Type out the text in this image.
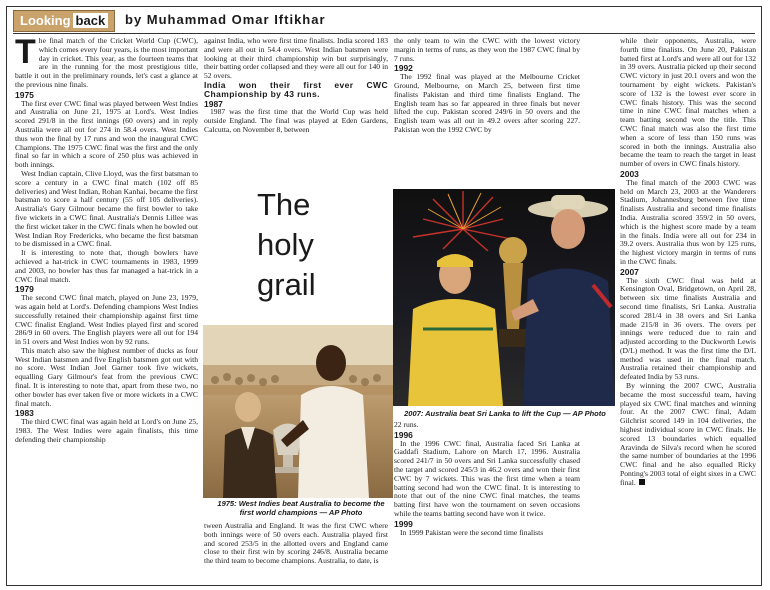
Looking back	by Muhammad Omar Iftikhar

The final match of the Cricket World Cup (CWC), which comes every four years, is the most important day in cricket. This year, as the fourteen teams that are in the running for the most prestigious title, battle it out in the preliminary rounds, let's cast a glance at the previous nine finals.

1975

The first ever CWC final was played between West Indies and Australia on June 21, 1975 at Lord's. West Indies scored 291/8 in the first innings (60 overs) and in reply Australia were all out for 274 in 58.4 overs. West Indies thus won the final by 17 runs and won the inaugural CWC Champions. The 1975 CWC final was the first and the only final so far in which a score of 250 plus was achieved in both innings.

West Indian captain, Clive Lloyd, was the first batsman to score a century in a CWC final match (102 off 85 deliveries) and West Indian, Rohan Kanhai, became the first batsman to score a half century (55 off 105 deliveries). Australia's Gary Gilmour became the first bowler to take five wickets in a CWC final. Australia's Dennis Lillee was the first wicket taker in the CWC finals when he bowled out West Indian Roy Fredericks, who became the first batsman to be dismissed in a CWC final.

It is interesting to note that, though bowlers have achieved a hat-trick in CWC tournaments in 1983, 1999 and 2003, no bowler has thus far managed a hat-trick in a CWC final match.

1979

The second CWC final match, played on June 23, 1979, was again held at Lord's. Defending champions West Indies successfully retained their championship against first time CWC finalist England. West Indies played first and scored 286/9 in 60 overs. The English players were all out for 194 in 51 overs and West Indies won by 92 runs.

This match also saw the highest number of ducks as four West Indian batsmen and five English batsmen got out with no score. West Indian Joel Garner took five wickets, equalling Gary Gilmour's feat from the previous CWC final. It is interesting to note that, apart from these two, no other bowler has ever taken five or more wickets in a CWC final match.

1983

The third CWC final was again held at Lord's on June 25, 1983. The West Indies were again finalists, this time defending their championship

against India, who were first time finalists. India scored 183 and were all out in 54.4 overs. West Indian batsmen were looking at their third championship win but surprisingly, their batting order collapsed and they were all out for 140 in 52 overs.

India won their first ever CWC Championship by 43 runs.

1987

1987 was the first time that the World Cup was held outside England. The final was played at Eden Gardens, Calcutta, on November 8, between

The
holy
grail
1975: West Indies beat Australia to become the first world champions — AP Photo

tween Australia and England. It was the first CWC where both innings were of 50 overs each. Australia played first and scored 253/5 in the allotted overs and England came close to their first win by scoring 246/8. Australia became the third team to become champions. Australia, to date, is

the only team to win the CWC with the lowest victory margin in terms of runs, as they won the 1987 CWC final by 7 runs.

1992

The 1992 final was played at the Melbourne Cricket Ground, Melbourne, on March 25, between first time finalists Pakistan and third time finalists England. The English team has so far appeared in three finals but never lifted the cup. Pakistan scored 249/6 in 50 overs and the English team was all out in 49.2 overs after scoring 227. Pakistan won the 1992 CWC by

2007: Australia beat Sri Lanka to lift the Cup — AP Photo

22 runs.

1996

In the 1996 CWC final, Australia faced Sri Lanka at Gaddafi Stadium, Lahore on March 17, 1996. Australia scored 241/7 in 50 overs and Sri Lanka successfully chased the target and scored 245/3 in 46.2 overs and won their first CWC by 7 wickets. This was the first time when a team batting second had won the CWC final. It is interesting to note that out of the nine CWC final matches, the teams batting first have won the tournament on seven occasions while the teams batting second have won it twice.

1999

In 1999 Pakistan were the second time finalists

while their opponents, Australia, were fourth time finalists. On June 20, Pakistan batted first at Lord's and were all out for 132 in 39 overs. Australia picked up their second CWC victory in just 20.1 overs and won the tournament by eight wickets. Pakistan's score of 132 is the lowest ever score in CWC finals history. This was the second time in nine CWC final matches when a team batting second won the title. This CWC final match was also the first time when a score of less than 150 runs was scored in both the innings. Australia also became the team to reach the target in least number of overs in CWC finals history.

2003

The final match of the 2003 CWC was held on March 23, 2003 at the Wanderers Stadium, Johannesburg between five time finalists Australia and second time finalists India. Australia scored 359/2 in 50 overs, which is the highest score made by a team in the finals. India were all out for 234 in 39.2 overs. Australia thus won by 125 runs, the highest victory margin in terms of runs in the CWC finals.

2007

The sixth CWC final was held at Kensington Oval, Bridgetown, on April 28, between six time finalists Australia and second time finalists, Sri Lanka. Australia scored 281/4 in 38 overs and Sri Lanka made 215/8 in 36 overs. The overs per innings were reduced due to rain and adjusted according to the Duckworth Lewis (D/L) method. It was the first time the D/L method was used in the final match. Australia retained their championship and defeated India by 53 runs.

By winning the 2007 CWC, Australia became the most successful team, having played six CWC final matches and winning four. At the 2007 CWC final, Adam Gilchrist scored 149 in 104 deliveries, the highest individual score in CWC finals. He scored 13 boundaries which equalled Aravinda de Silva's record when he scored the same number of boundaries at the 1996 CWC final and he also equalled Ricky Ponting's 2003 total of eight sixes in a CWC final.
